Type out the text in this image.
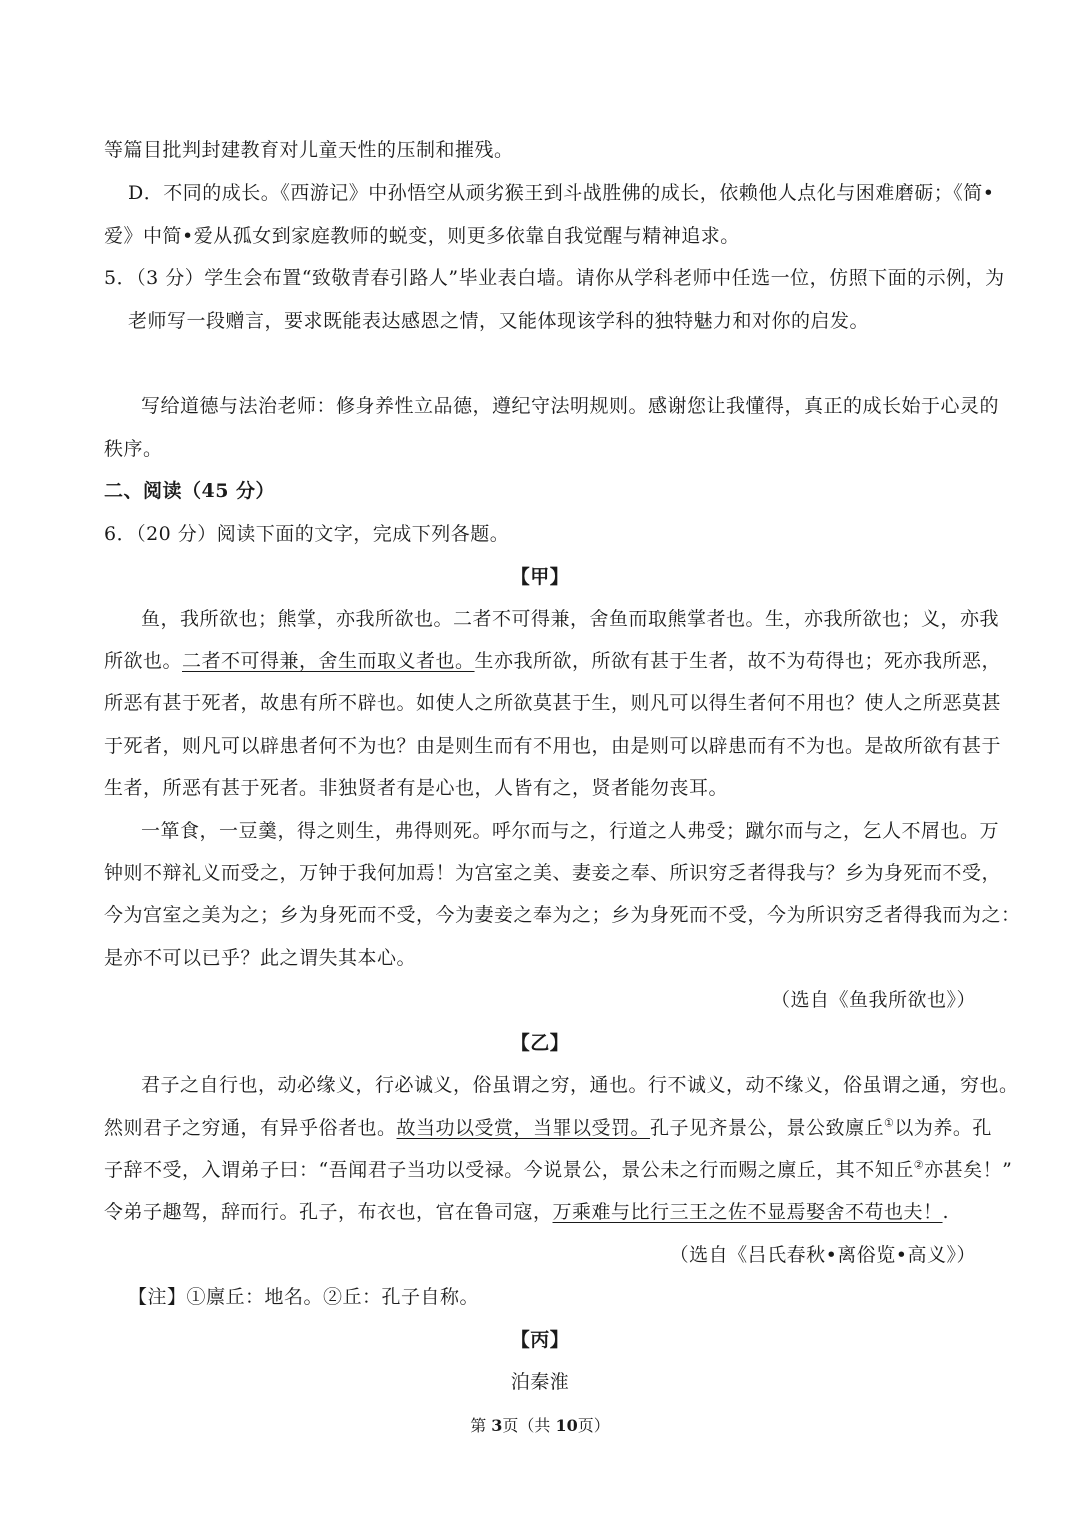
等篇目批判封建教育对儿童天性的压制和摧残。
D．不同的成长。《西游记》中孙悟空从顽劣猴王到斗战胜佛的成长，依赖他人点化与困难磨砺；《简•
爱》中简•爱从孤女到家庭教师的蜕变，则更多依靠自我觉醒与精神追求。
5．（3 分）学生会布置“致敬青春引路人”毕业表白墙。请你从学科老师中任选一位，仿照下面的示例，为
老师写一段赠言，要求既能表达感恩之情，又能体现该学科的独特魅力和对你的启发。
写给道德与法治老师：修身养性立品德，遵纪守法明规则。感谢您让我懂得，真正的成长始于心灵的
秩序。
二、阅读（45 分）
6．（20 分）阅读下面的文字，完成下列各题。
【甲】
鱼，我所欲也；熊掌，亦我所欲也。二者不可得兼，舍鱼而取熊掌者也。生，亦我所欲也；义，亦我
所欲也。二者不可得兼，舍生而取义者也。生亦我所欲，所欲有甚于生者，故不为苟得也；死亦我所恶，
所恶有甚于死者，故患有所不辟也。如使人之所欲莫甚于生，则凡可以得生者何不用也？使人之所恶莫甚
于死者，则凡可以辟患者何不为也？由是则生而有不用也，由是则可以辟患而有不为也。是故所欲有甚于
生者，所恶有甚于死者。非独贤者有是心也，人皆有之，贤者能勿丧耳。
一箪食，一豆羹，得之则生，弗得则死。呼尔而与之，行道之人弗受；蹴尔而与之，乞人不屑也。万
钟则不辩礼义而受之，万钟于我何加焉！为宫室之美、妻妾之奉、所识穷乏者得我与？乡为身死而不受，
今为宫室之美为之；乡为身死而不受，今为妻妾之奉为之；乡为身死而不受，今为所识穷乏者得我而为之：
是亦不可以已乎？此之谓失其本心。
（选自《鱼我所欲也》）
【乙】
君子之自行也，动必缘义，行必诚义，俗虽谓之穷，通也。行不诚义，动不缘义，俗虽谓之通，穷也。
然则君子之穷通，有异乎俗者也。故当功以受赏，当罪以受罚。孔子见齐景公，景公致廪丘①以为养。孔
子辞不受，入谓弟子曰：“吾闻君子当功以受禄。今说景公，景公未之行而赐之廪丘，其不知丘②亦甚矣！”
令弟子趣驾，辞而行。孔子，布衣也，官在鲁司寇，万乘难与比行三王之佐不显焉娶舍不苟也夫！.
（选自《吕氏春秋•离俗览•高义》）
【注】①廪丘：地名。②丘：孔子自称。
【丙】
泊秦淮
第 3页（共 10页）
